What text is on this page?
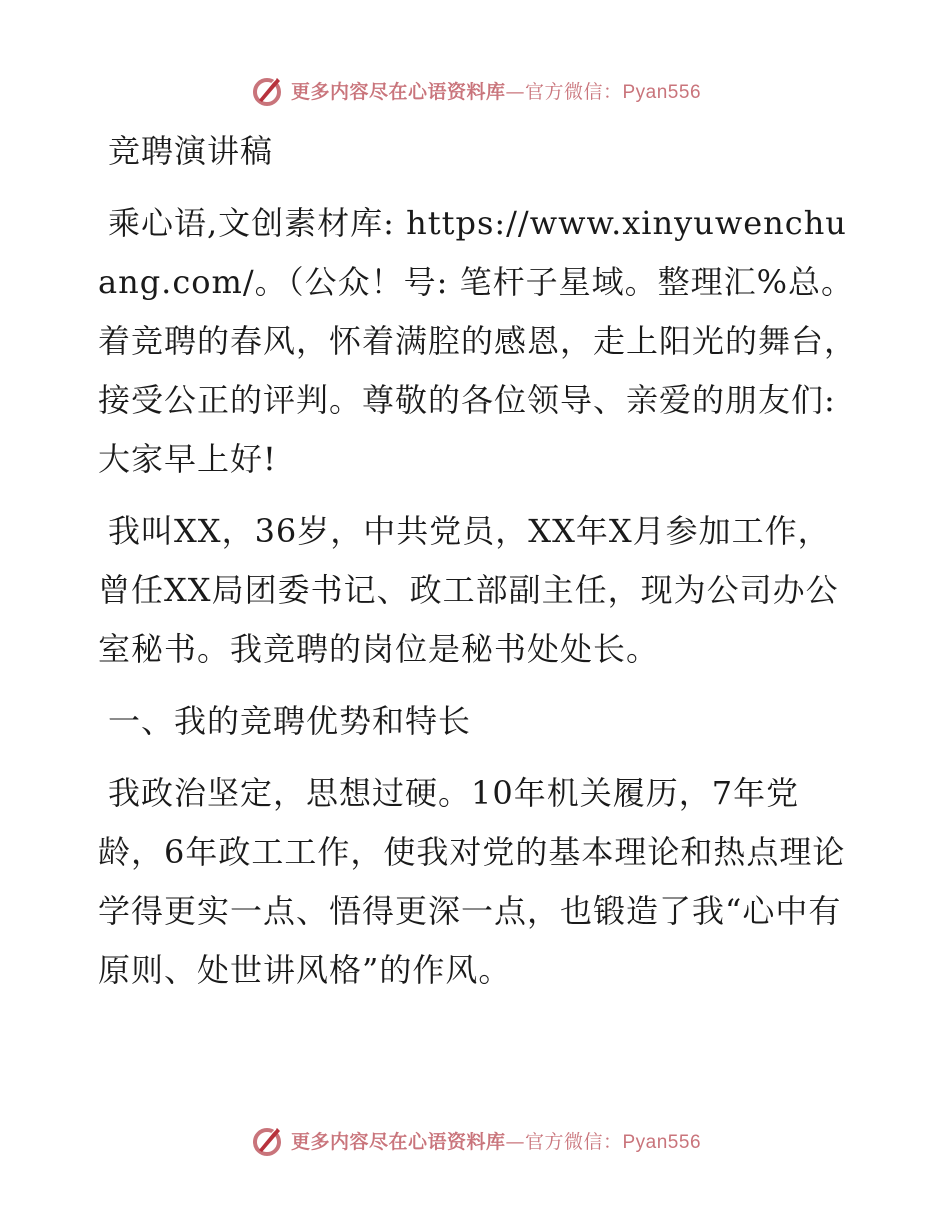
更多内容尽在心语资料库—官方微信：Pyan556

竞聘演讲稿

乘心语,文创素材库: https://www.xinyuwenchuang.com/。（公众！号: 笔杆子星域。整理汇%总。着竞聘的春风，怀着满腔的感恩，走上阳光的舞台，接受公正的评判。尊敬的各位领导、亲爱的朋友们: 大家早上好!

我叫XX，36岁，中共党员，XX年X月参加工作，曾任XX局团委书记、政工部副主任，现为公司办公室秘书。我竞聘的岗位是秘书处处长。

一、我的竞聘优势和特长

我政治坚定，思想过硬。10年机关履历，7年党龄，6年政工工作，使我对党的基本理论和热点理论学得更实一点、悟得更深一点，也锻造了我“心中有原则、处世讲风格”的作风。

更多内容尽在心语资料库—官方微信：Pyan556
